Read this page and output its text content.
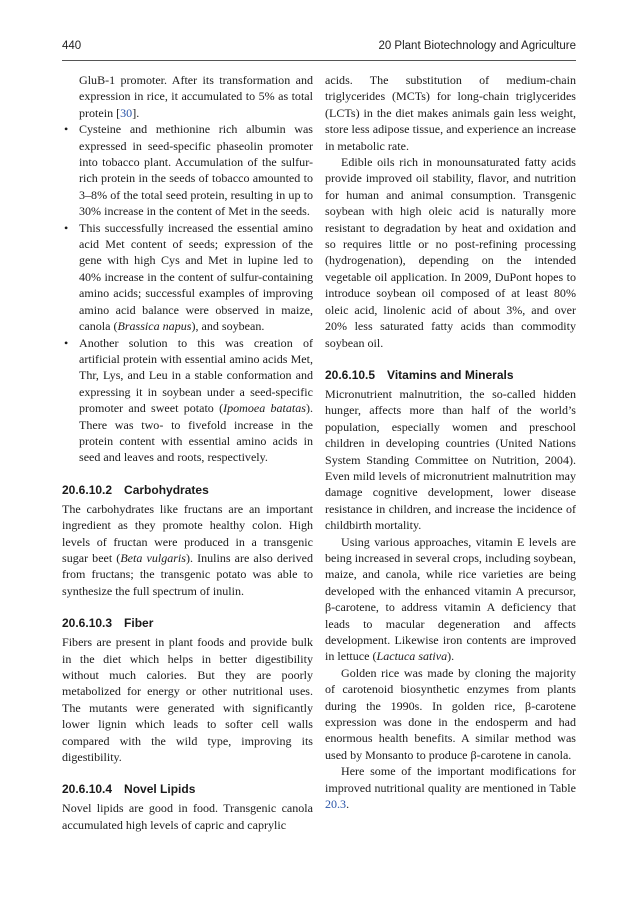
440	20 Plant Biotechnology and Agriculture

GluB-1 promoter. After its transformation and expression in rice, it accumulated to 5% as total protein [30].

• Cysteine and methionine rich albumin was expressed in seed-specific phaseolin promoter into tobacco plant. Accumulation of the sulfur-rich protein in the seeds of tobacco amounted to 3–8% of the total seed protein, resulting in up to 30% increase in the content of Met in the seeds.
• This successfully increased the essential amino acid Met content of seeds; expression of the gene with high Cys and Met in lupine led to 40% increase in the content of sulfur-containing amino acids; successful examples of improving amino acid balance were observed in maize, canola (Brassica napus), and soybean.
• Another solution to this was creation of artificial protein with essential amino acids Met, Thr, Lys, and Leu in a stable conformation and expressing it in soybean under a seed-specific promoter and sweet potato (Ipomoea batatas). There was two- to fivefold increase in the protein content with essential amino acids in seed and leaves and roots, respectively.
20.6.10.2 Carbohydrates

The carbohydrates like fructans are an important ingredient as they promote healthy colon. High levels of fructan were produced in a transgenic sugar beet (Beta vulgaris). Inulins are also derived from fructans; the transgenic potato was able to synthesize the full spectrum of inulin.

20.6.10.3 Fiber

Fibers are present in plant foods and provide bulk in the diet which helps in better digestibility without much calories. But they are poorly metabolized for energy or other nutritional uses. The mutants were generated with significantly lower lignin which leads to softer cell walls compared with the wild type, improving its digestibility.

20.6.10.4 Novel Lipids

Novel lipids are good in food. Transgenic canola accumulated high levels of capric and caprylic

acids. The substitution of medium-chain triglycerides (MCTs) for long-chain triglycerides (LCTs) in the diet makes animals gain less weight, store less adipose tissue, and experience an increase in metabolic rate.

Edible oils rich in monounsaturated fatty acids provide improved oil stability, flavor, and nutrition for human and animal consumption. Transgenic soybean with high oleic acid is naturally more resistant to degradation by heat and oxidation and so requires little or no post-refining processing (hydrogenation), depending on the intended vegetable oil application. In 2009, DuPont hopes to introduce soybean oil composed of at least 80% oleic acid, linolenic acid of about 3%, and over 20% less saturated fatty acids than commodity soybean oil.

20.6.10.5 Vitamins and Minerals

Micronutrient malnutrition, the so-called hidden hunger, affects more than half of the world’s population, especially women and preschool children in developing countries (United Nations System Standing Committee on Nutrition, 2004). Even mild levels of micronutrient malnutrition may damage cognitive development, lower disease resistance in children, and increase the incidence of childbirth mortality.

Using various approaches, vitamin E levels are being increased in several crops, including soybean, maize, and canola, while rice varieties are being developed with the enhanced vitamin A precursor, β-carotene, to address vitamin A deficiency that leads to macular degeneration and affects development. Likewise iron contents are improved in lettuce (Lactuca sativa).

Golden rice was made by cloning the majority of carotenoid biosynthetic enzymes from plants during the 1990s. In golden rice, β-carotene expression was done in the endosperm and had enormous health benefits. A similar method was used by Monsanto to produce β-carotene in canola.

Here some of the important modifications for improved nutritional quality are mentioned in Table 20.3.
